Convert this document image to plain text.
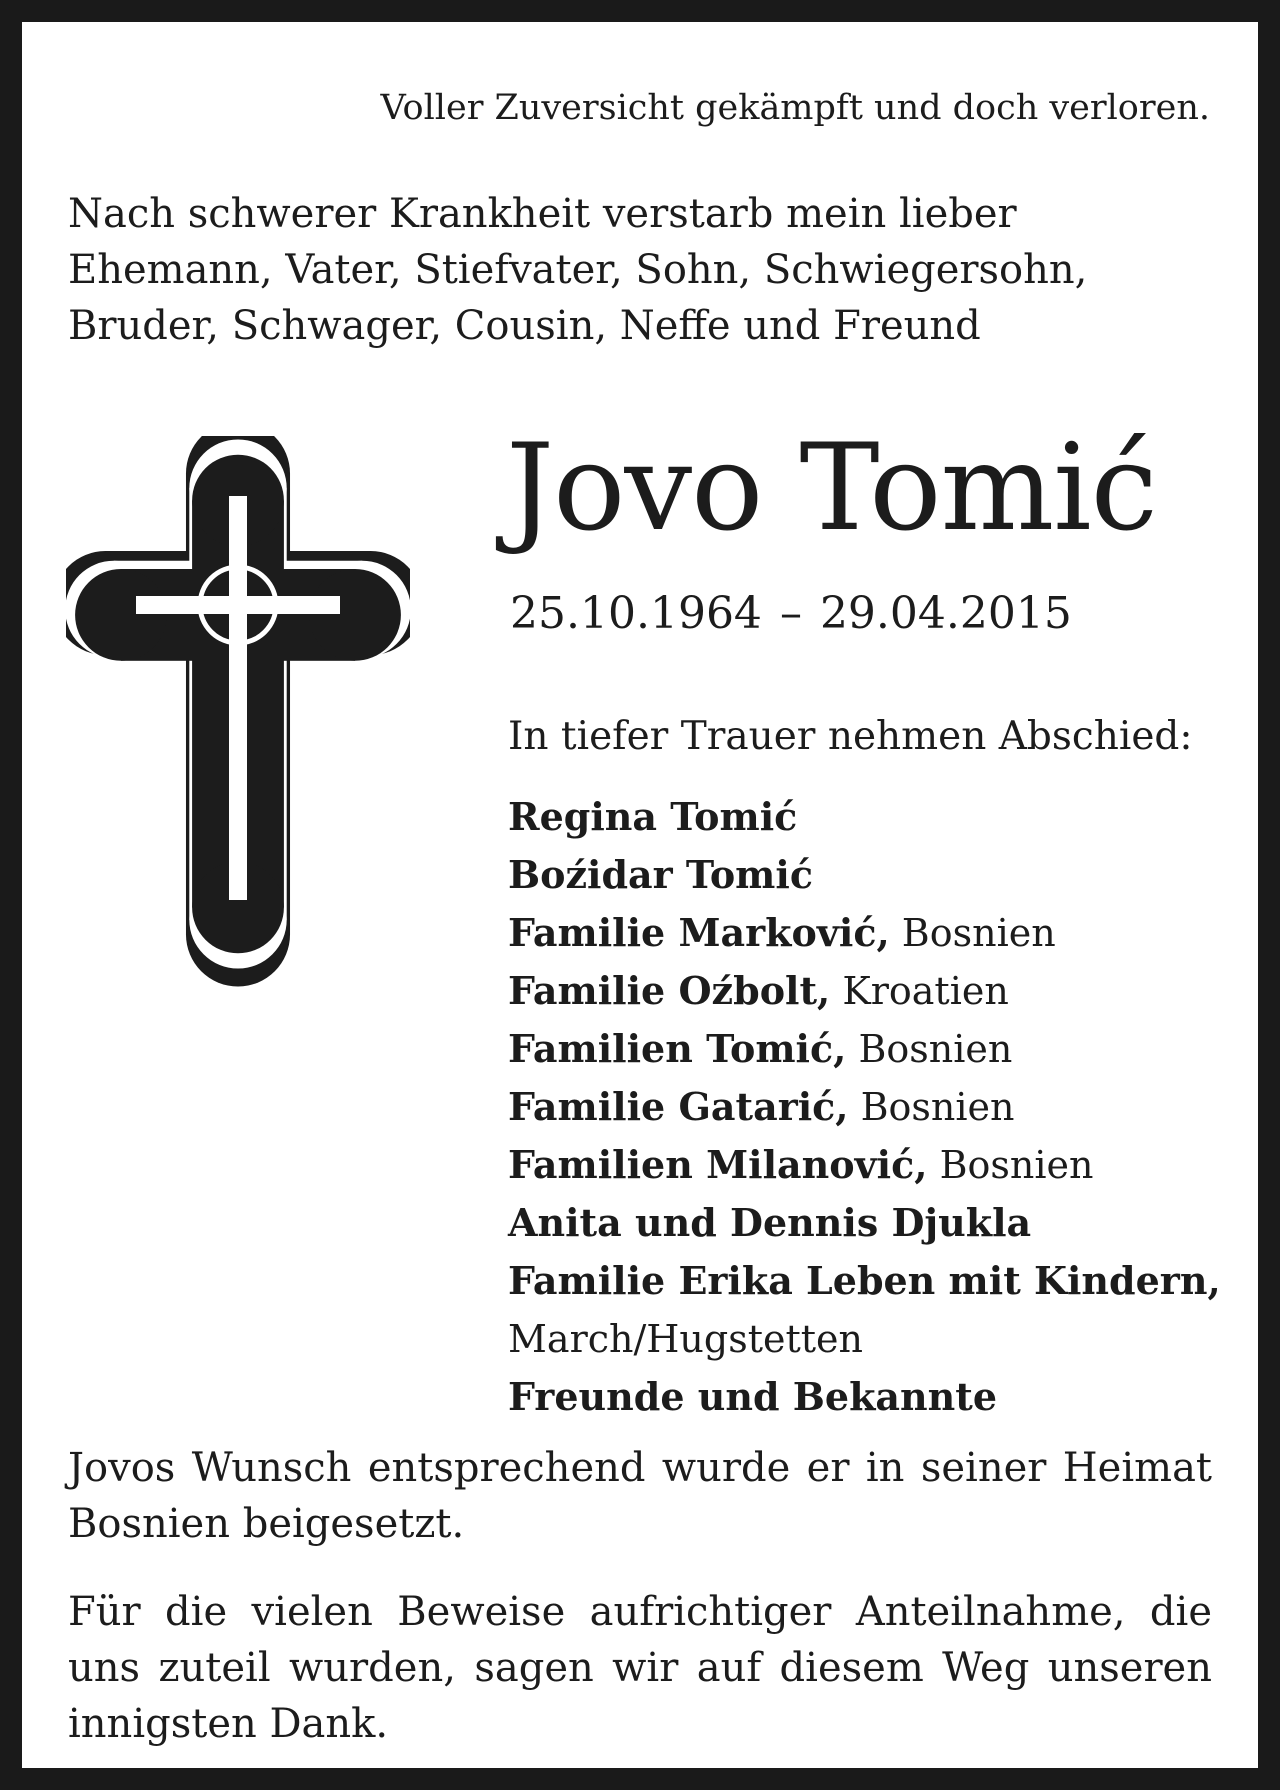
Voller Zuversicht gekämpft und doch verloren.
Nach schwerer Krankheit verstarb mein lieber Ehemann, Vater, Stiefvater, Sohn, Schwiegersohn, Bruder, Schwager, Cousin, Neffe und Freund
Jovo Tomić
25.10.1964 – 29.04.2015
In tiefer Trauer nehmen Abschied:
Regina Tomić
Boźidar Tomić
Familie Marković, Bosnien
Familie Oźbolt, Kroatien
Familien Tomić, Bosnien
Familie Gatarić, Bosnien
Familien Milanović, Bosnien
Anita und Dennis Djukla
Familie Erika Leben mit Kindern,
March/Hugstetten
Freunde und Bekannte
Jovos Wunsch entsprechend wurde er in seiner Heimat Bosnien beigesetzt.
Für die vielen Beweise aufrichtiger Anteilnahme, die uns zuteil wurden, sagen wir auf diesem Weg unseren innigsten Dank.
